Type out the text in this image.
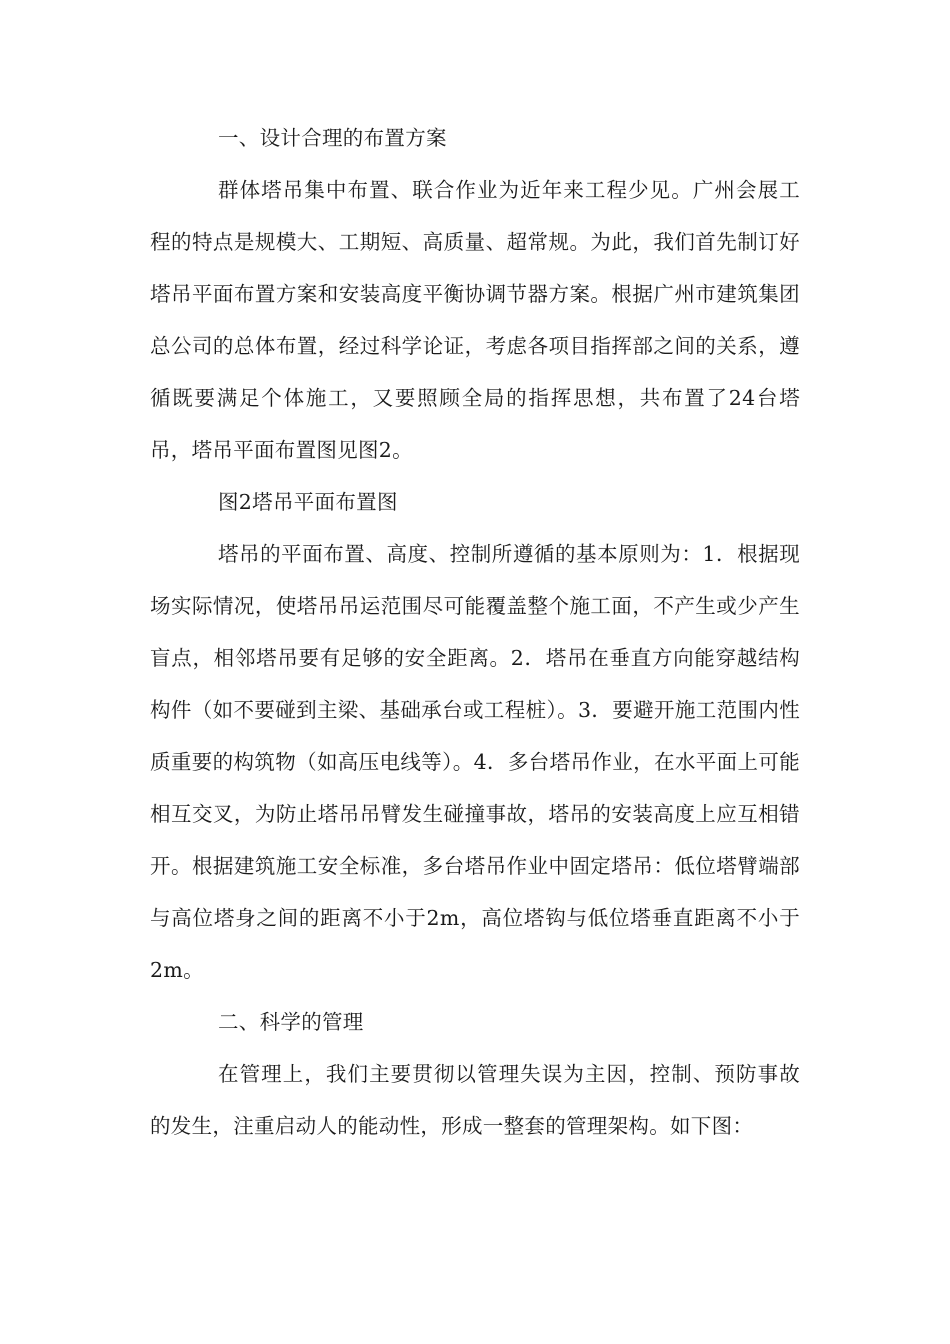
一、设计合理的布置方案

群体塔吊集中布置、联合作业为近年来工程少见。广州会展工程的特点是规模大、工期短、高质量、超常规。为此，我们首先制订好塔吊平面布置方案和安装高度平衡协调节器方案。根据广州市建筑集团总公司的总体布置，经过科学论证，考虑各项目指挥部之间的关系，遵循既要满足个体施工，又要照顾全局的指挥思想，共布置了24台塔吊，塔吊平面布置图见图2。

图2塔吊平面布置图

塔吊的平面布置、高度、控制所遵循的基本原则为：1．根据现场实际情况，使塔吊吊运范围尽可能覆盖整个施工面，不产生或少产生盲点，相邻塔吊要有足够的安全距离。2．塔吊在垂直方向能穿越结构构件（如不要碰到主梁、基础承台或工程桩）。3．要避开施工范围内性质重要的构筑物（如高压电线等）。4．多台塔吊作业，在水平面上可能相互交叉，为防止塔吊吊臂发生碰撞事故，塔吊的安装高度上应互相错开。根据建筑施工安全标准，多台塔吊作业中固定塔吊：低位塔臂端部与高位塔身之间的距离不小于2m，高位塔钩与低位塔垂直距离不小于2m。

二、科学的管理

在管理上，我们主要贯彻以管理失误为主因，控制、预防事故的发生，注重启动人的能动性，形成一整套的管理架构。如下图：
